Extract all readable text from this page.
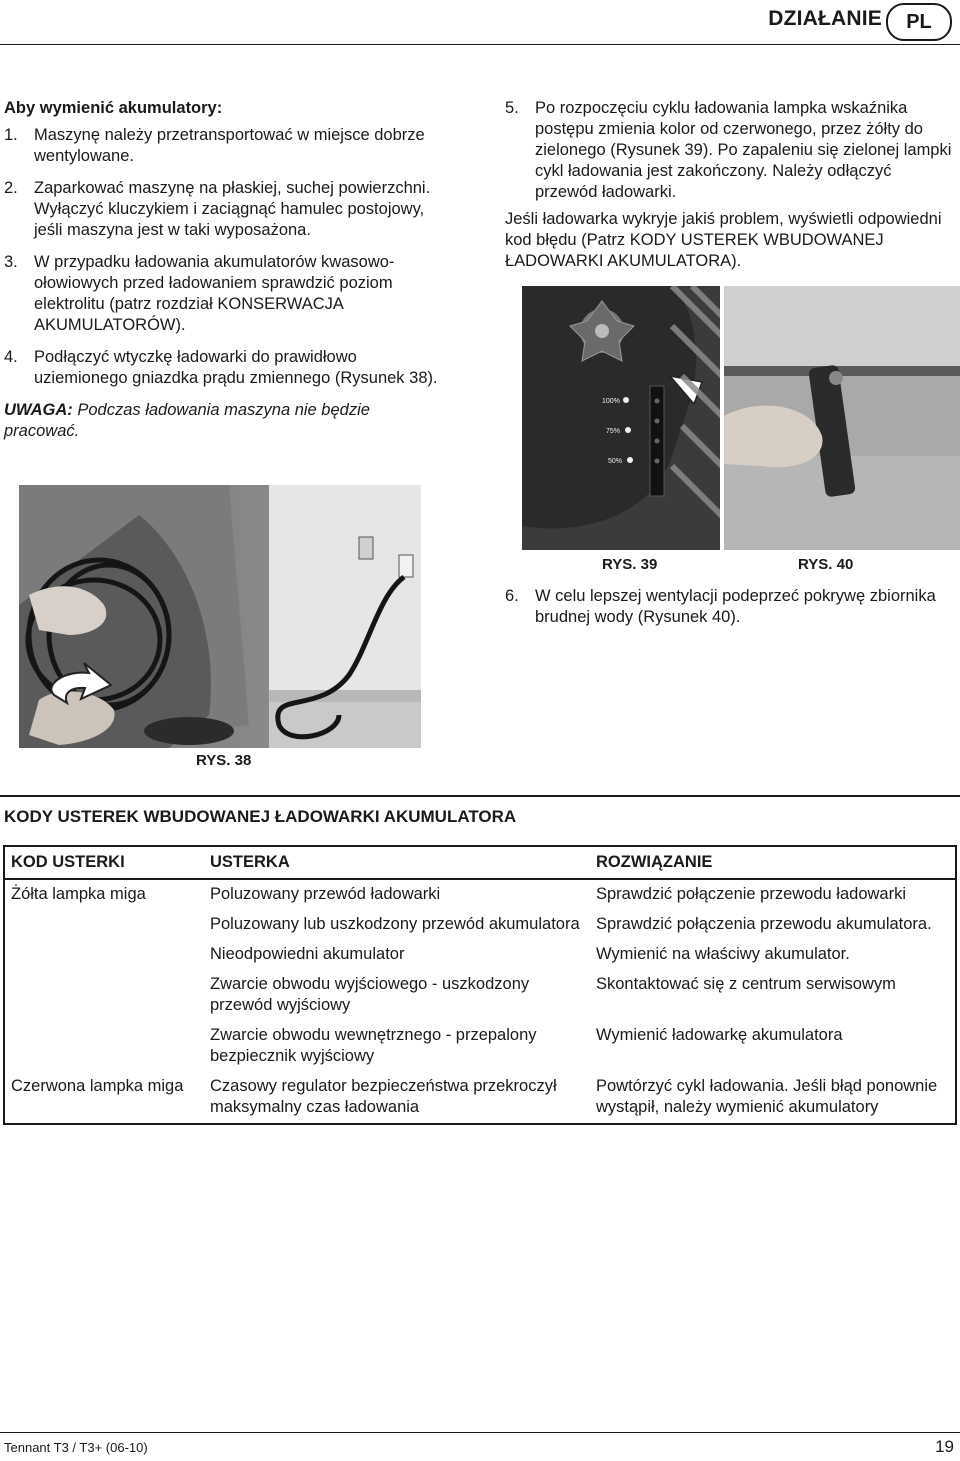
DZIAŁANIE	PL
Aby wymienić akumulatory:
1. Maszynę należy przetransportować w miejsce dobrze wentylowane.
2. Zaparkować maszynę na płaskiej, suchej powierzchni. Wyłączyć kluczykiem i zaciągnąć hamulec postojowy, jeśli maszyna jest w taki wyposażona.
3. W przypadku ładowania akumulatorów kwasowo-ołowiowych przed ładowaniem sprawdzić poziom elektrolitu (patrz rozdział KONSERWACJA AKUMULATORÓW).
4. Podłączyć wtyczkę ładowarki do prawidłowo uziemionego gniazdka prądu zmiennego (Rysunek 38).

UWAGA: Podczas ładowania maszyna nie będzie pracować.

RYS. 38
5. Po rozpoczęciu cyklu ładowania lampka wskaźnika postępu zmienia kolor od czerwonego, przez żółty do zielonego (Rysunek 39). Po zapaleniu się zielonej lampki cykl ładowania jest zakończony. Należy odłączyć przewód ładowarki.

Jeśli ładowarka wykryje jakiś problem, wyświetli odpowiedni kod błędu (Patrz KODY USTEREK WBUDOWANEJ ŁADOWARKI AKUMULATORA).

100%
75%
50%
RYS. 39	RYS. 40
6. W celu lepszej wentylacji podeprzeć pokrywę zbiornika brudnej wody (Rysunek 40).
KODY USTEREK WBUDOWANEJ ŁADOWARKI AKUMULATORA
KOD USTERKI	USTERKA	ROZWIĄZANIE
Żółta lampka miga	Poluzowany przewód ładowarki	Sprawdzić połączenie przewodu ładowarki
	Poluzowany lub uszkodzony przewód akumulatora	Sprawdzić połączenia przewodu akumulatora.
	Nieodpowiedni akumulator	Wymienić na właściwy akumulator.
	Zwarcie obwodu wyjściowego - uszkodzony przewód wyjściowy	Skontaktować się z centrum serwisowym
	Zwarcie obwodu wewnętrznego - przepalony bezpiecznik wyjściowy	Wymienić ładowarkę akumulatora
Czerwona lampka miga	Czasowy regulator bezpieczeństwa przekroczył maksymalny czas ładowania	Powtórzyć cykl ładowania. Jeśli błąd ponownie wystąpił, należy wymienić akumulatory
Tennant T3 / T3+ (06-10)	19
